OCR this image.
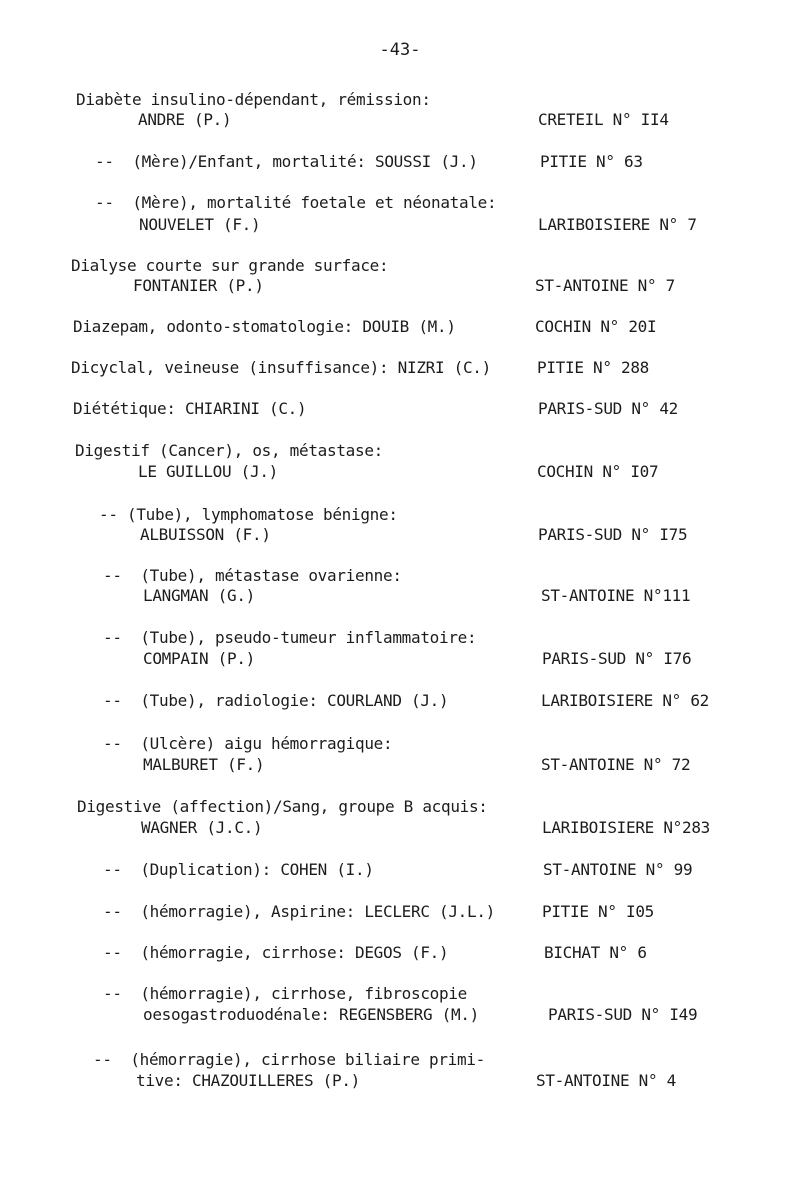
-43-
Diabète insulino-dépendant, rémission:
ANDRE (P.)	CRETEIL N° II4
--  (Mère)/Enfant, mortalité: SOUSSI (J.)	PITIE N° 63
--  (Mère), mortalité foetale et néonatale:
NOUVELET (F.)	LARIBOISIERE N° 7
Dialyse courte sur grande surface:
FONTANIER (P.)	ST-ANTOINE N° 7
Diazepam, odonto-stomatologie: DOUIB (M.)	COCHIN N° 20I
Dicyclal, veineuse (insuffisance): NIZRI (C.)	PITIE N° 288
Diététique: CHIARINI (C.)	PARIS-SUD N° 42
Digestif (Cancer), os, métastase:
LE GUILLOU (J.)	COCHIN N° I07
-- (Tube), lymphomatose bénigne:
ALBUISSON (F.)	PARIS-SUD N° I75
--  (Tube), métastase ovarienne:
LANGMAN (G.)	ST-ANTOINE N°111
--  (Tube), pseudo-tumeur inflammatoire:
COMPAIN (P.)	PARIS-SUD N° I76
--  (Tube), radiologie: COURLAND (J.)	LARIBOISIERE N° 62
--  (Ulcère) aigu hémorragique:
MALBURET (F.)	ST-ANTOINE N° 72
Digestive (affection)/Sang, groupe B acquis:
WAGNER (J.C.)	LARIBOISIERE N°283
--  (Duplication): COHEN (I.)	ST-ANTOINE N° 99
--  (hémorragie), Aspirine: LECLERC (J.L.)	PITIE N° I05
--  (hémorragie, cirrhose: DEGOS (F.)	BICHAT N° 6
--  (hémorragie), cirrhose, fibroscopie
oesogastroduodénale: REGENSBERG (M.)	PARIS-SUD N° I49
--  (hémorragie), cirrhose biliaire primi-
tive: CHAZOUILLERES (P.)	ST-ANTOINE N° 4
